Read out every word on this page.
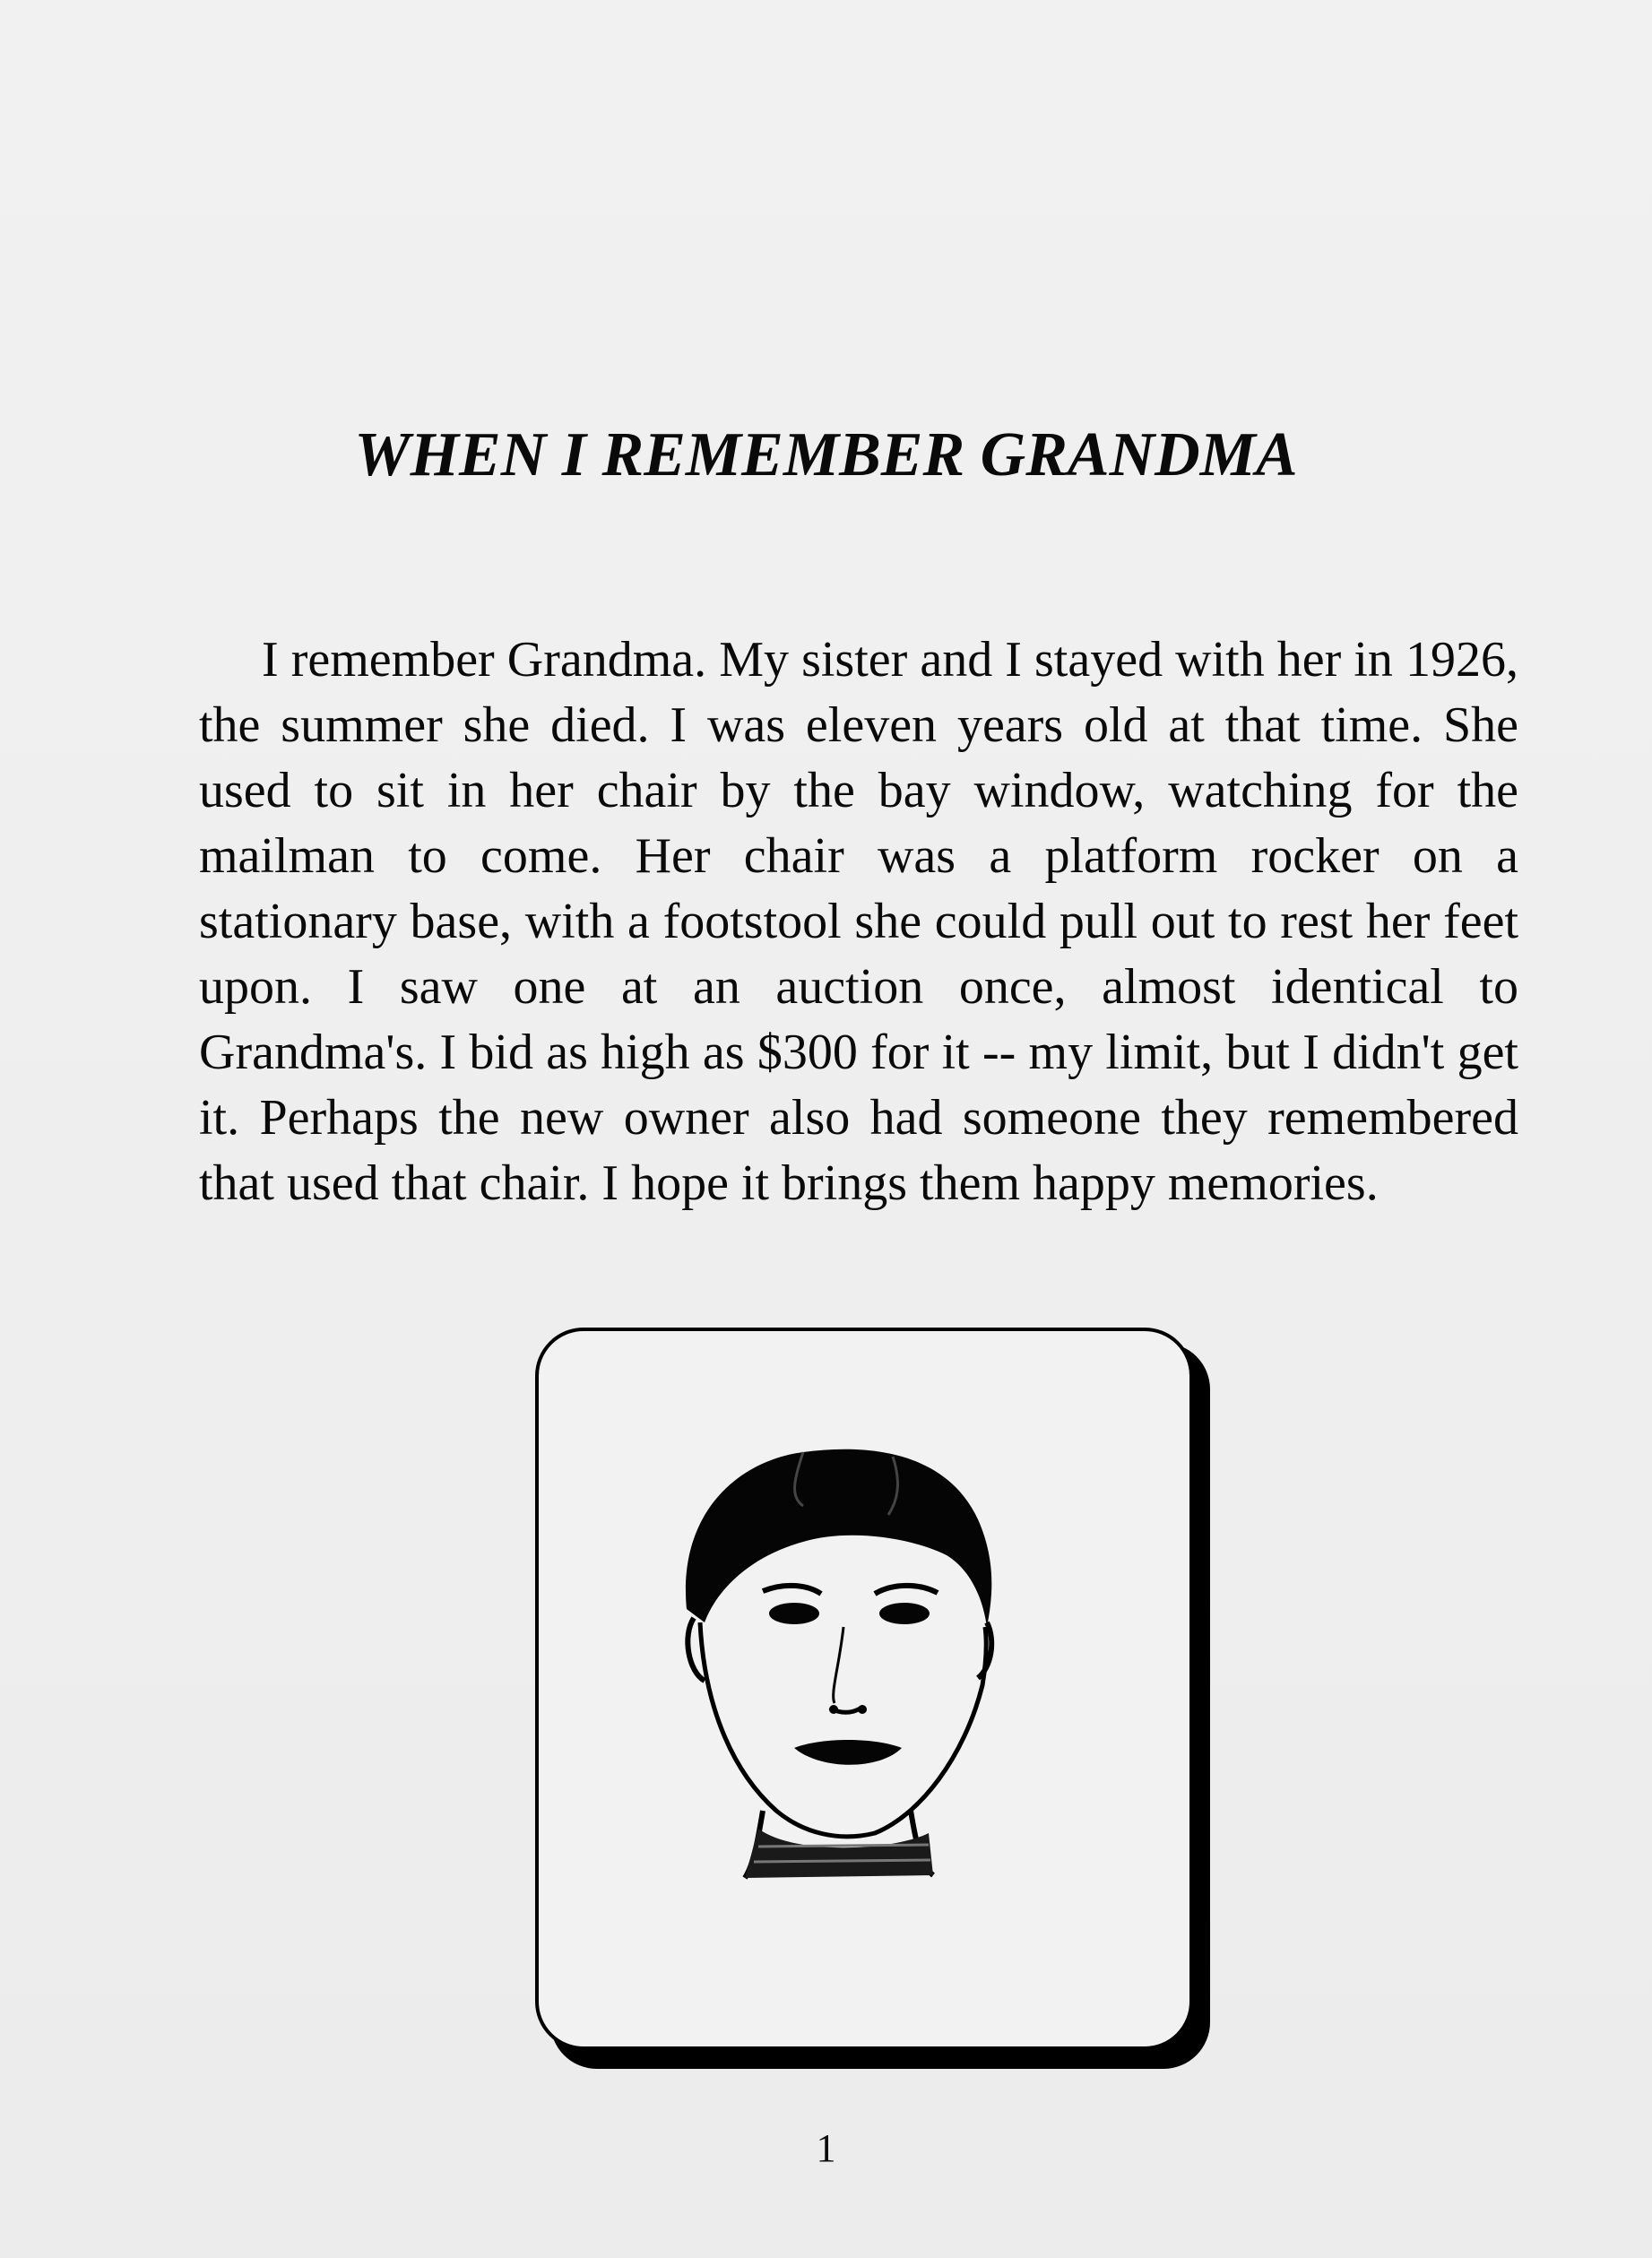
WHEN I REMEMBER GRANDMA

I remember Grandma. My sister and I stayed with her in 1926, the summer she died. I was eleven years old at that time. She used to sit in her chair by the bay window, watching for the mailman to come. Her chair was a platform rocker on a stationary base, with a footstool she could pull out to rest her feet upon. I saw one at an auction once, almost identical to Grandma's. I bid as high as $300 for it -- my limit, but I didn't get it. Perhaps the new owner also had someone they remembered that used that chair. I hope it brings them happy memories.

1
